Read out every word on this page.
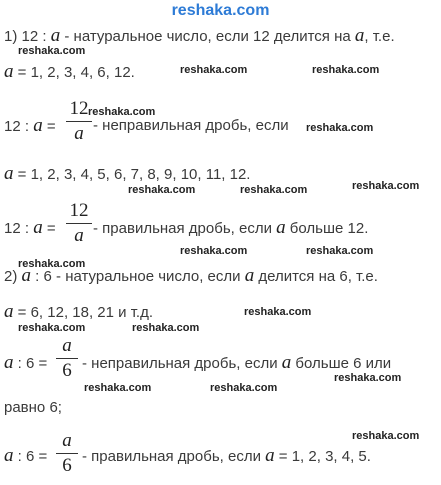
reshaka.com
1) 12 : a - натуральное число, если 12 делится на a, т.е.
reshaka.com
a = 1, 2, 3, 4, 6, 12.	reshaka.com	reshaka.com
12 : a =
12
a - неправильная дробь, если
reshaka.com
reshaka.com
a = 1, 2, 3, 4, 5, 6, 7, 8, 9, 10, 11, 12.
reshaka.com	reshaka.com	reshaka.com
12 : a =
12
a - правильная дробь, если a больше 12.
reshaka.com	reshaka.com
reshaka.com
2) a : 6 - натуральное число, если a делится на 6, т.е.
a = 6, 12, 18, 21 и т.д.	reshaka.com
reshaka.com	reshaka.com
a : 6 =
a
6 - неправильная дробь, если a больше 6 или
reshaka.com	reshaka.com
reshaka.com
равно 6;
reshaka.com
a : 6 =
a
6 - правильная дробь, если a = 1, 2, 3, 4, 5.
